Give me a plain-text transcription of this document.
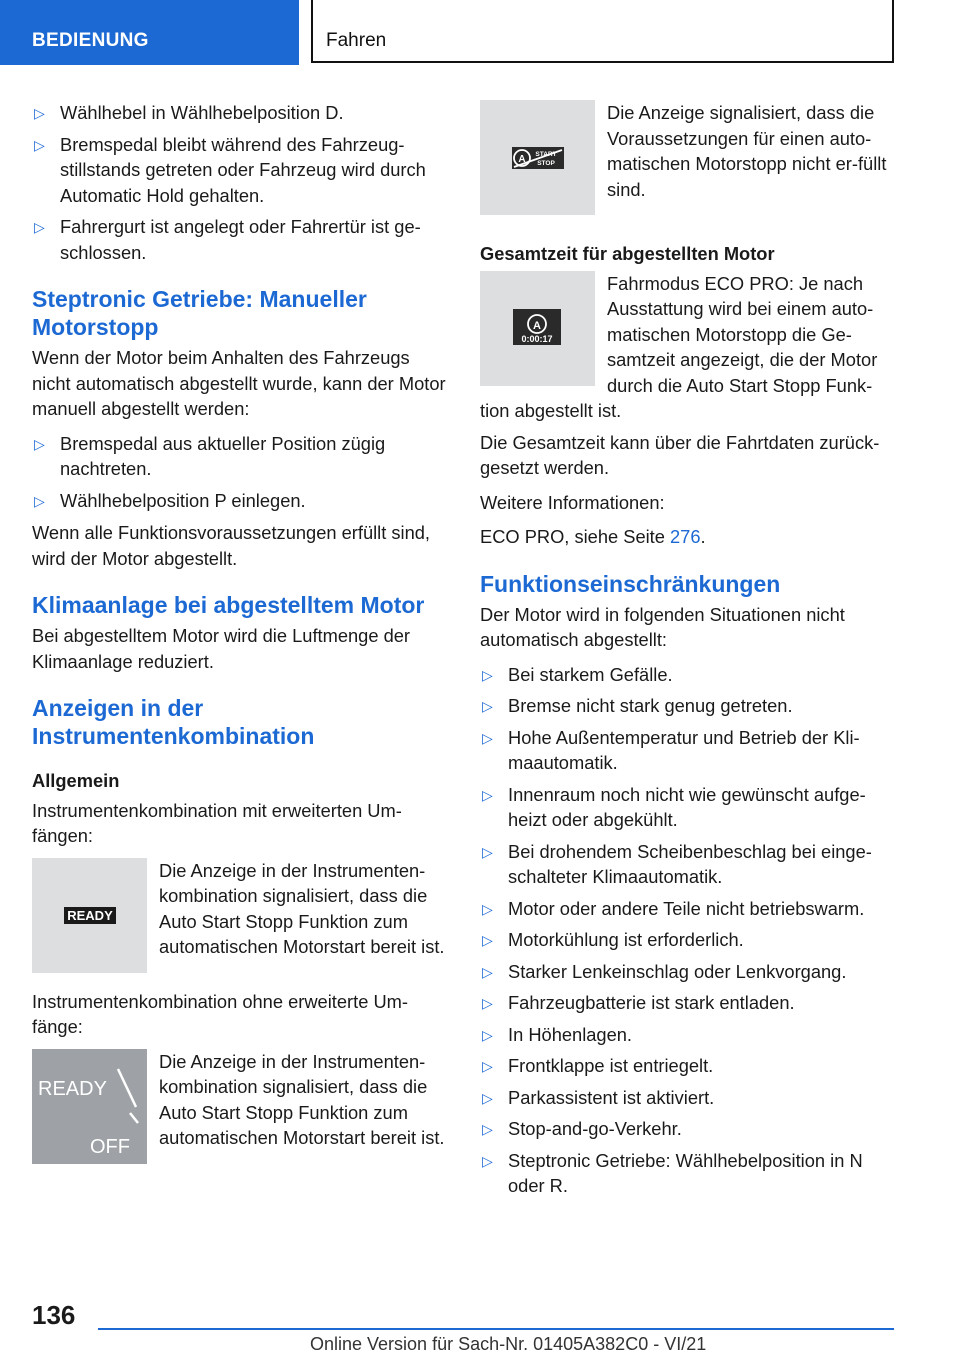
BEDIENUNG	Fahren
▷ Wählhebel in Wählhebelposition D.
▷ Bremspedal bleibt während des Fahrzeug‐stillstands getreten oder Fahrzeug wird durch Automatic Hold gehalten.
▷ Fahrergurt ist angelegt oder Fahrertür ist ge‐schlossen.
Steptronic Getriebe: Manueller Motorstopp

Wenn der Motor beim Anhalten des Fahrzeugs nicht automatisch abgestellt wurde, kann der Motor manuell abgestellt werden:

▷ Bremspedal aus aktueller Position zügig nachtreten.
▷ Wählhebelposition P einlegen.

Wenn alle Funktionsvoraussetzungen erfüllt sind, wird der Motor abgestellt.

Klimaanlage bei abgestelltem Motor

Bei abgestelltem Motor wird die Luftmenge der Klimaanlage reduziert.

Anzeigen in der Instrumentenkombination
Allgemein

Instrumentenkombination mit erweiterten Um‐fängen:

READY
Die Anzeige in der Instrumenten‐kombination signalisiert, dass die Auto Start Stopp Funktion zum automatischen Motorstart bereit ist.

Instrumentenkombination ohne erweiterte Um‐fänge:

READY
OFF
Die Anzeige in der Instrumenten‐kombination signalisiert, dass die Auto Start Stopp Funktion zum automatischen Motorstart bereit ist.
A START
STOP
Die Anzeige signalisiert, dass die Voraussetzungen für einen auto‐matischen Motorstopp nicht er‐füllt sind.
Gesamtzeit für abgestellten Motor
A
0:00:17
Fahrmodus ECO PRO: Je nach Ausstattung wird bei einem auto‐matischen Motorstopp die Ge‐samtzeit angezeigt, die der Motor durch die Auto Start Stopp Funk‐tion abgestellt ist.

Die Gesamtzeit kann über die Fahrtdaten zurück‐gesetzt werden.

Weitere Informationen:

ECO PRO, siehe Seite 276.

Funktionseinschränkungen

Der Motor wird in folgenden Situationen nicht automatisch abgestellt:

▷ Bei starkem Gefälle.
▷ Bremse nicht stark genug getreten.
▷ Hohe Außentemperatur und Betrieb der Kli‐maautomatik.
▷ Innenraum noch nicht wie gewünscht aufge‐heizt oder abgekühlt.
▷ Bei drohendem Scheibenbeschlag bei einge‐schalteter Klimaautomatik.
▷ Motor oder andere Teile nicht betriebswarm.
▷ Motorkühlung ist erforderlich.
▷ Starker Lenkeinschlag oder Lenkvorgang.
▷ Fahrzeugbatterie ist stark entladen.
▷ In Höhenlagen.
▷ Frontklappe ist entriegelt.
▷ Parkassistent ist aktiviert.
▷ Stop-and-go-Verkehr.
▷ Steptronic Getriebe: Wählhebelposition in N oder R.
136
Online Version für Sach-Nr. 01405A382C0 - VI/21
